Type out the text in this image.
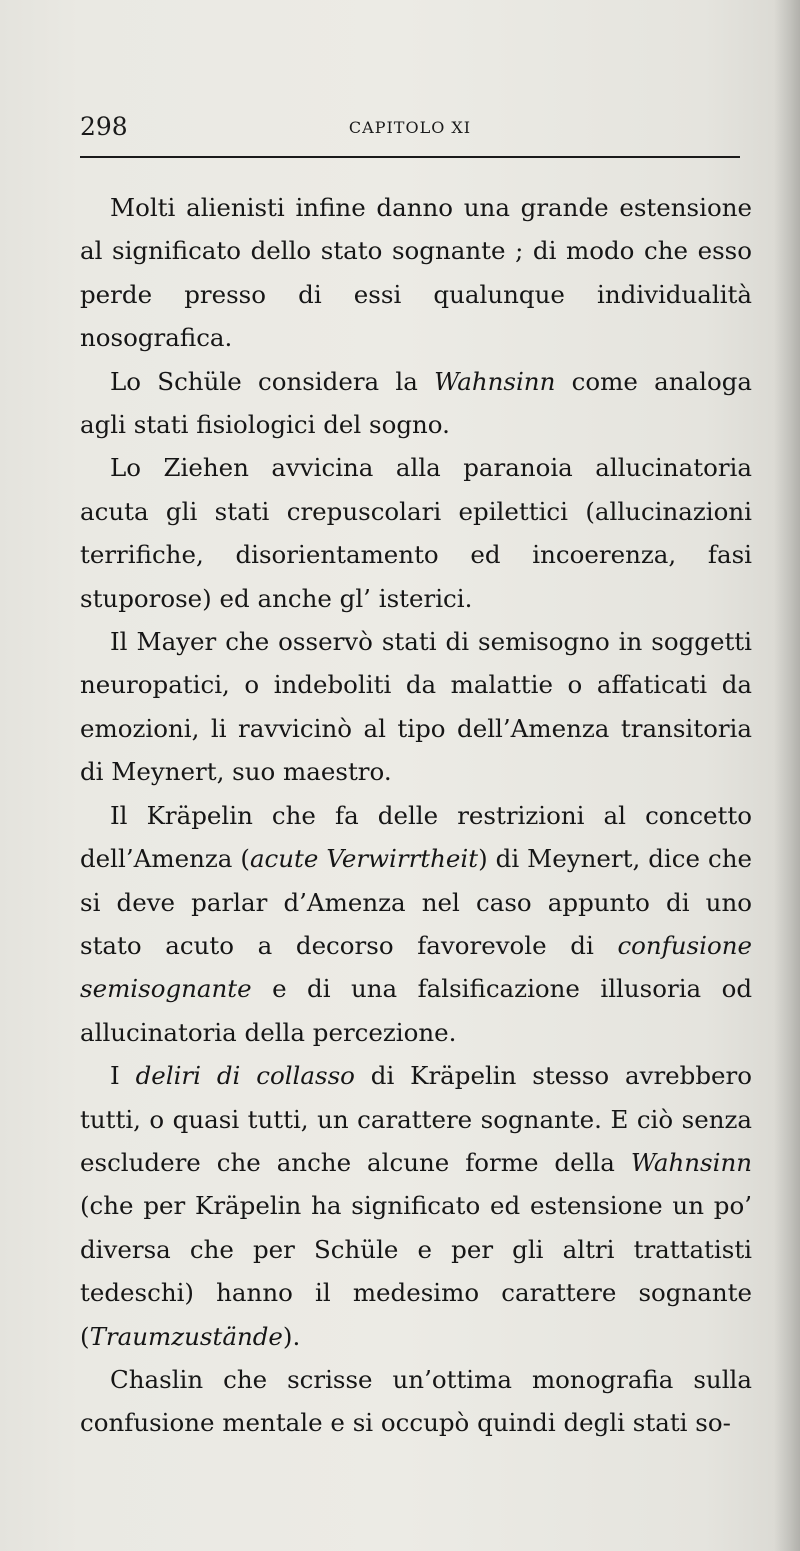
298	CAPITOLO XI

Molti alienisti infine danno una grande estensione al significato dello stato sognante ; di modo che esso perde presso di essi qualunque individualità nosografica.

Lo Schüle considera la Wahnsinn come analoga agli stati fisiologici del sogno.

Lo Ziehen avvicina alla paranoia allucinatoria acuta gli stati crepuscolari epilettici (allucinazioni terrifiche, disorientamento ed incoerenza, fasi stuporose) ed anche gl’ isterici.

Il Mayer che osservò stati di semisogno in soggetti neuropatici, o indeboliti da malattie o affaticati da emozioni, li ravvicinò al tipo dell’Amenza transitoria di Meynert, suo maestro.

Il Kräpelin che fa delle restrizioni al concetto dell’Amenza (acute Verwirrtheit) di Meynert, dice che si deve parlar d’Amenza nel caso appunto di uno stato acuto a decorso favorevole di confusione semisognante e di una falsificazione illusoria od allucinatoria della percezione.

I deliri di collasso di Kräpelin stesso avrebbero tutti, o quasi tutti, un carattere sognante. E ciò senza escludere che anche alcune forme della Wahnsinn (che per Kräpelin ha significato ed estensione un po’ diversa che per Schüle e per gli altri trattatisti tedeschi) hanno il medesimo carattere sognante (Traumzustände).

Chaslin che scrisse un’ottima monografia sulla confusione mentale e si occupò quindi degli stati so-
